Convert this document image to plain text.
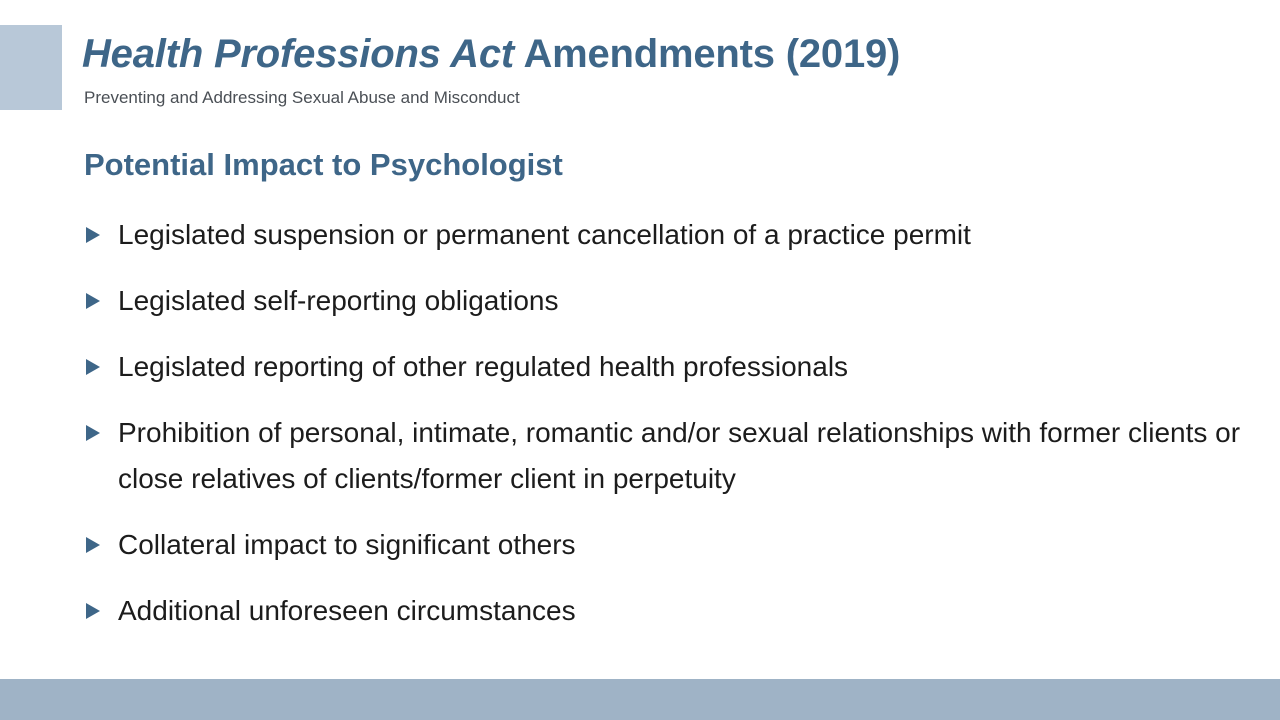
Health Professions Act Amendments (2019)

Preventing and Addressing Sexual Abuse and Misconduct

Potential Impact to Psychologist
Legislated suspension or permanent cancellation of a practice permit
Legislated self-reporting obligations
Legislated reporting of other regulated health professionals
Prohibition of personal, intimate, romantic and/or sexual relationships with former clients or close relatives of clients/former client in perpetuity
Collateral impact to significant others
Additional unforeseen circumstances
